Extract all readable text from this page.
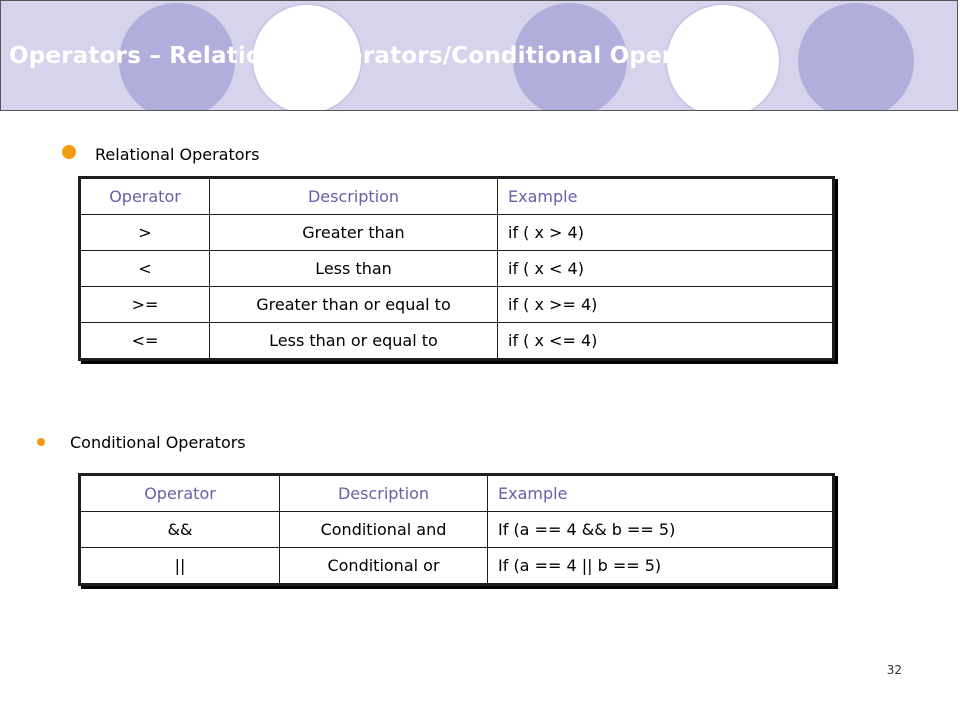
Operators – Relational Operators/Conditional Operators
Relational Operators
Operator	Description	Example
>	Greater than	if ( x > 4)
<	Less than	if ( x < 4)
>=	Greater than or equal to	if ( x >= 4)
<=	Less than or equal to	if ( x <= 4)
Conditional Operators
Operator	Description	Example
&&	Conditional and	If (a == 4 && b == 5)
||	Conditional or	If (a == 4 || b == 5)
32
